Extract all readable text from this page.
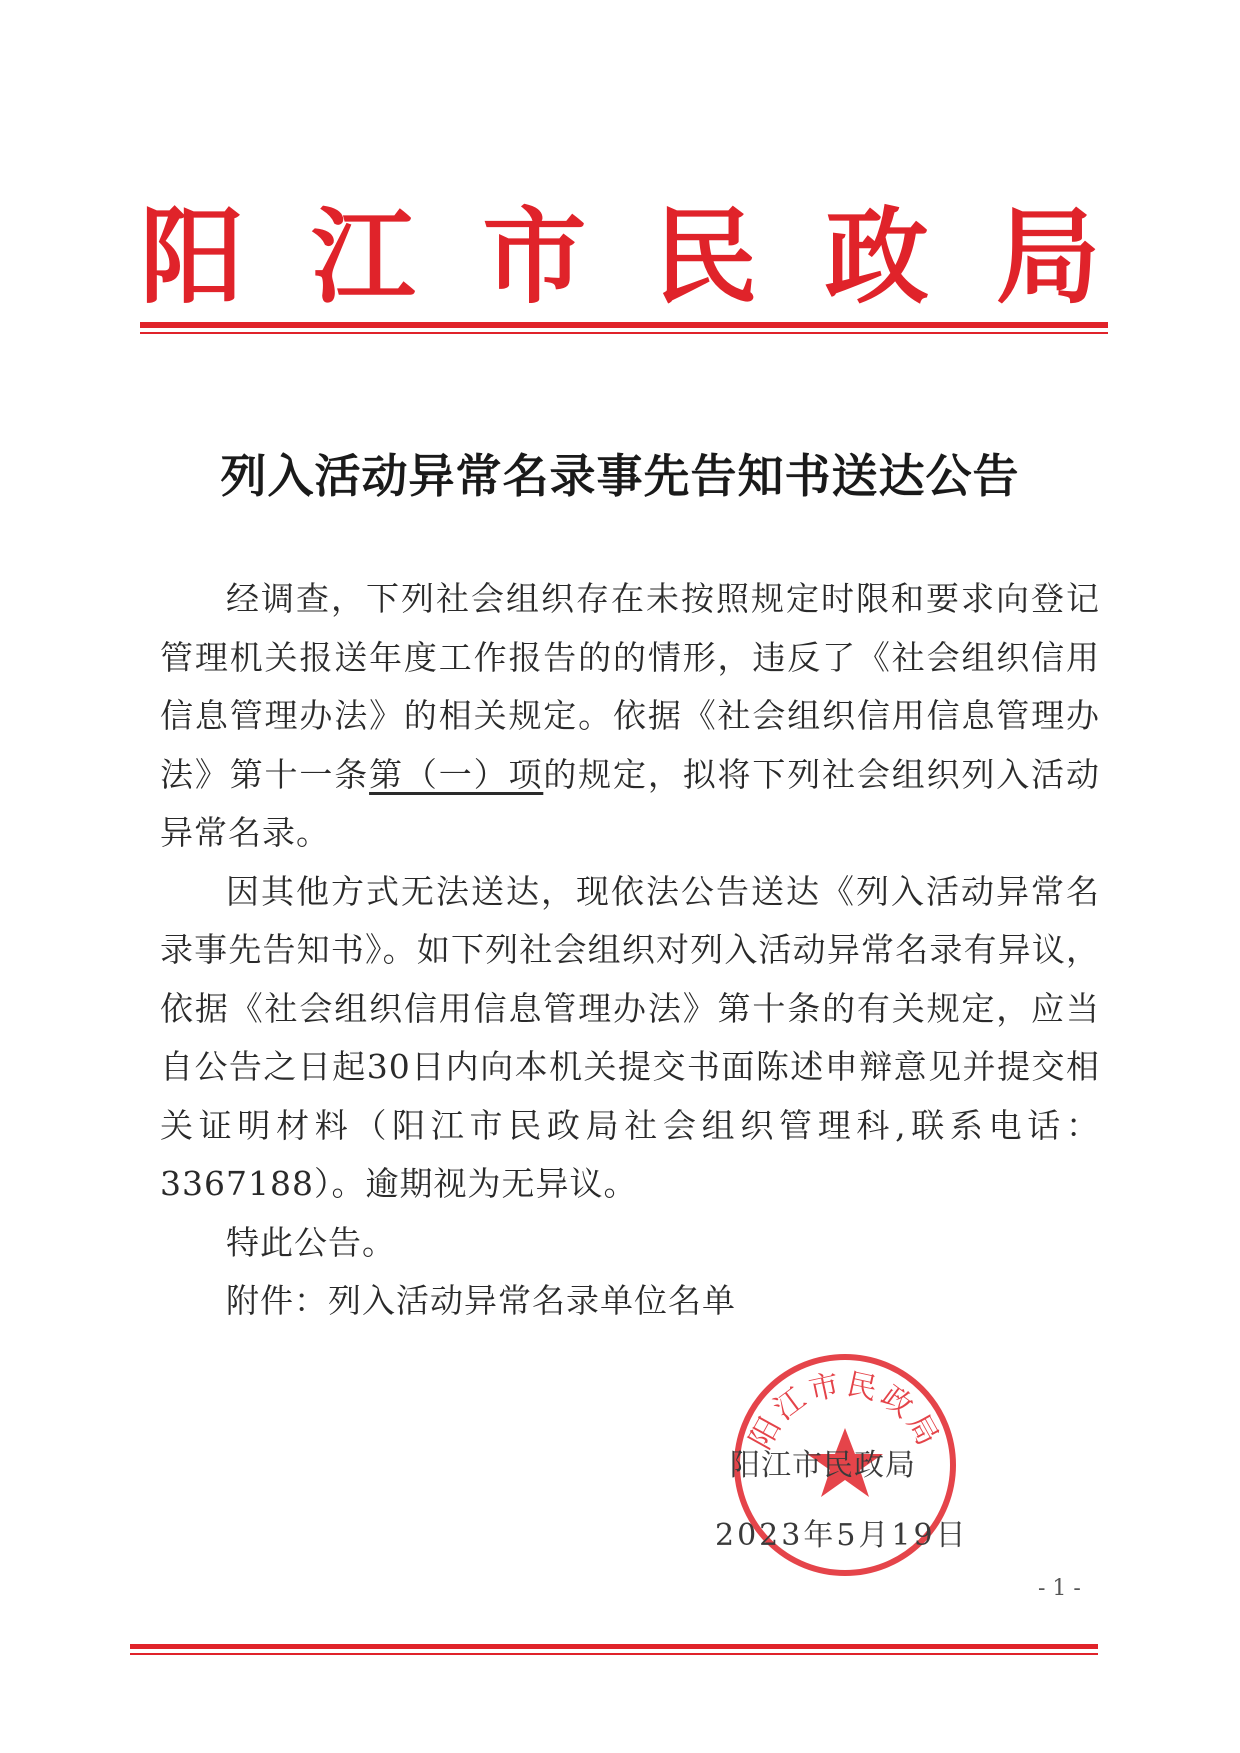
阳 江 市 民 政 局
列入活动异常名录事先告知书送达公告

经调查，下列社会组织存在未按照规定时限和要求向登记管理机关报送年度工作报告的的情形，违反了《社会组织信用信息管理办法》的相关规定。依据《社会组织信用信息管理办法》第十一条第（一）项的规定，拟将下列社会组织列入活动异常名录。

因其他方式无法送达，现依法公告送达《列入活动异常名录事先告知书》。如下列社会组织对列入活动异常名录有异议，依据《社会组织信用信息管理办法》第十条的有关规定，应当自公告之日起30日内向本机关提交书面陈述申辩意见并提交相关证明材料（阳江市民政局社会组织管理科,联系电话：3367188）。逾期视为无异议。

特此公告。

附件：列入活动异常名录单位名单
阳江市民政局
阳江市民政局
2023年5月19日
- 1 -
